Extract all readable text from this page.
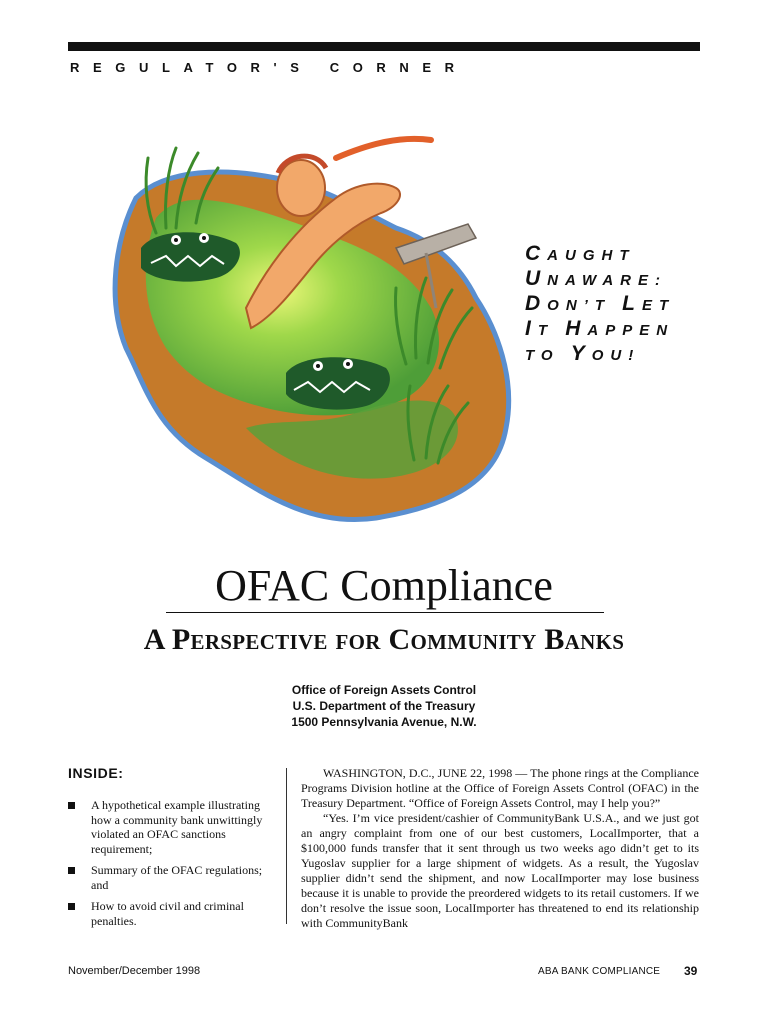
REGULATOR'S CORNER
CAUGHT
UNAWARE:
DON’T LET
IT HAPPEN
TO YOU!
OFAC Compliance
A Perspective for Community Banks
Office of Foreign Assets Control
U.S. Department of the Treasury
1500 Pennsylvania Avenue, N.W.
INSIDE:
A hypothetical example illustrating how a community bank unwittingly violated an OFAC sanctions requirement;
Summary of the OFAC regulations; and
How to avoid civil and criminal penalties.

WASHINGTON, D.C., JUNE 22, 1998 — The phone rings at the Compliance Programs Division hotline at the Office of Foreign Assets Control (OFAC) in the Treasury Department. “Office of Foreign Assets Control, may I help you?”

“Yes. I’m vice president/cashier of CommunityBank U.S.A., and we just got an angry complaint from one of our best customers, LocalImporter, that a $100,000 funds transfer that it sent through us two weeks ago didn’t get to its Yugoslav supplier for a large shipment of widgets. As a result, the Yugoslav supplier didn’t send the shipment, and now LocalImporter may lose business because it is unable to provide the preordered widgets to its retail customers. If we don’t resolve the issue soon, LocalImporter has threatened to end its relationship with CommunityBank

November/December 1998	ABA BANK COMPLIANCE 39
